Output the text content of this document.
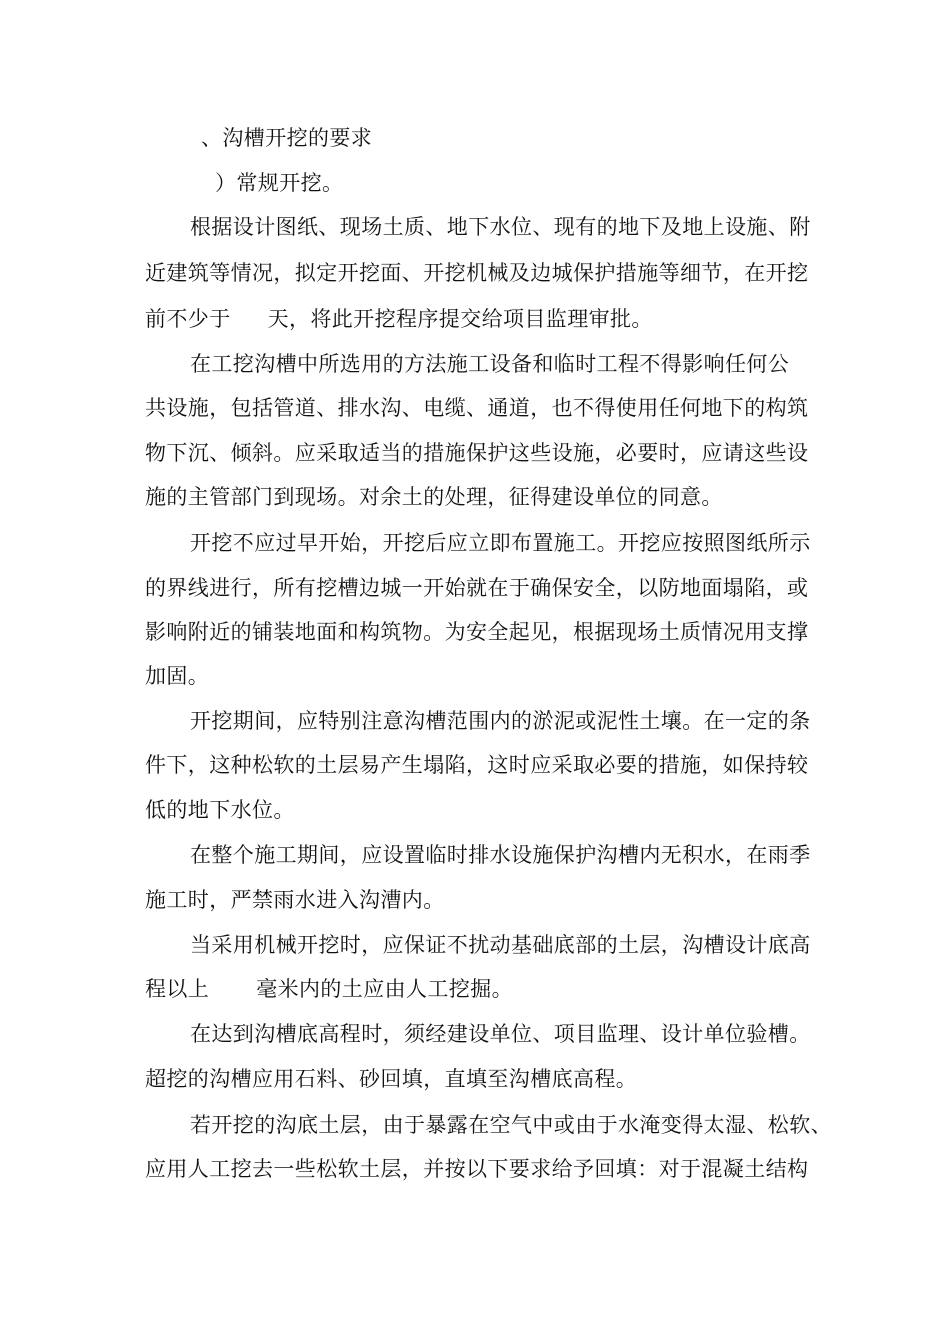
、沟槽开挖的要求
）常规开挖。
根据设计图纸、现场土质、地下水位、现有的地下及地上设施、附
近建筑等情况，拟定开挖面、开挖机械及边城保护措施等细节，在开挖
前不少于 天，将此开挖程序提交给项目监理审批。
在工挖沟槽中所选用的方法施工设备和临时工程不得影响任何公
共设施，包括管道、排水沟、电缆、通道，也不得使用任何地下的构筑
物下沉、倾斜。应采取适当的措施保护这些设施，必要时，应请这些设
施的主管部门到现场。对余土的处理，征得建设单位的同意。
开挖不应过早开始，开挖后应立即布置施工。开挖应按照图纸所示
的界线进行，所有挖槽边城一开始就在于确保安全，以防地面塌陷，或
影响附近的铺装地面和构筑物。为安全起见，根据现场土质情况用支撑
加固。
开挖期间，应特别注意沟槽范围内的淤泥或泥性土壤。在一定的条
件下，这种松软的土层易产生塌陷，这时应采取必要的措施，如保持较
低的地下水位。
在整个施工期间，应设置临时排水设施保护沟槽内无积水，在雨季
施工时，严禁雨水进入沟漕内。
当采用机械开挖时，应保证不扰动基础底部的土层，沟槽设计底高
程以上 毫米内的土应由人工挖掘。
在达到沟槽底高程时，须经建设单位、项目监理、设计单位验槽。
超挖的沟槽应用石料、砂回填，直填至沟槽底高程。
若开挖的沟底土层，由于暴露在空气中或由于水淹变得太湿、松软、
应用人工挖去一些松软土层，并按以下要求给予回填：对于混凝土结构
